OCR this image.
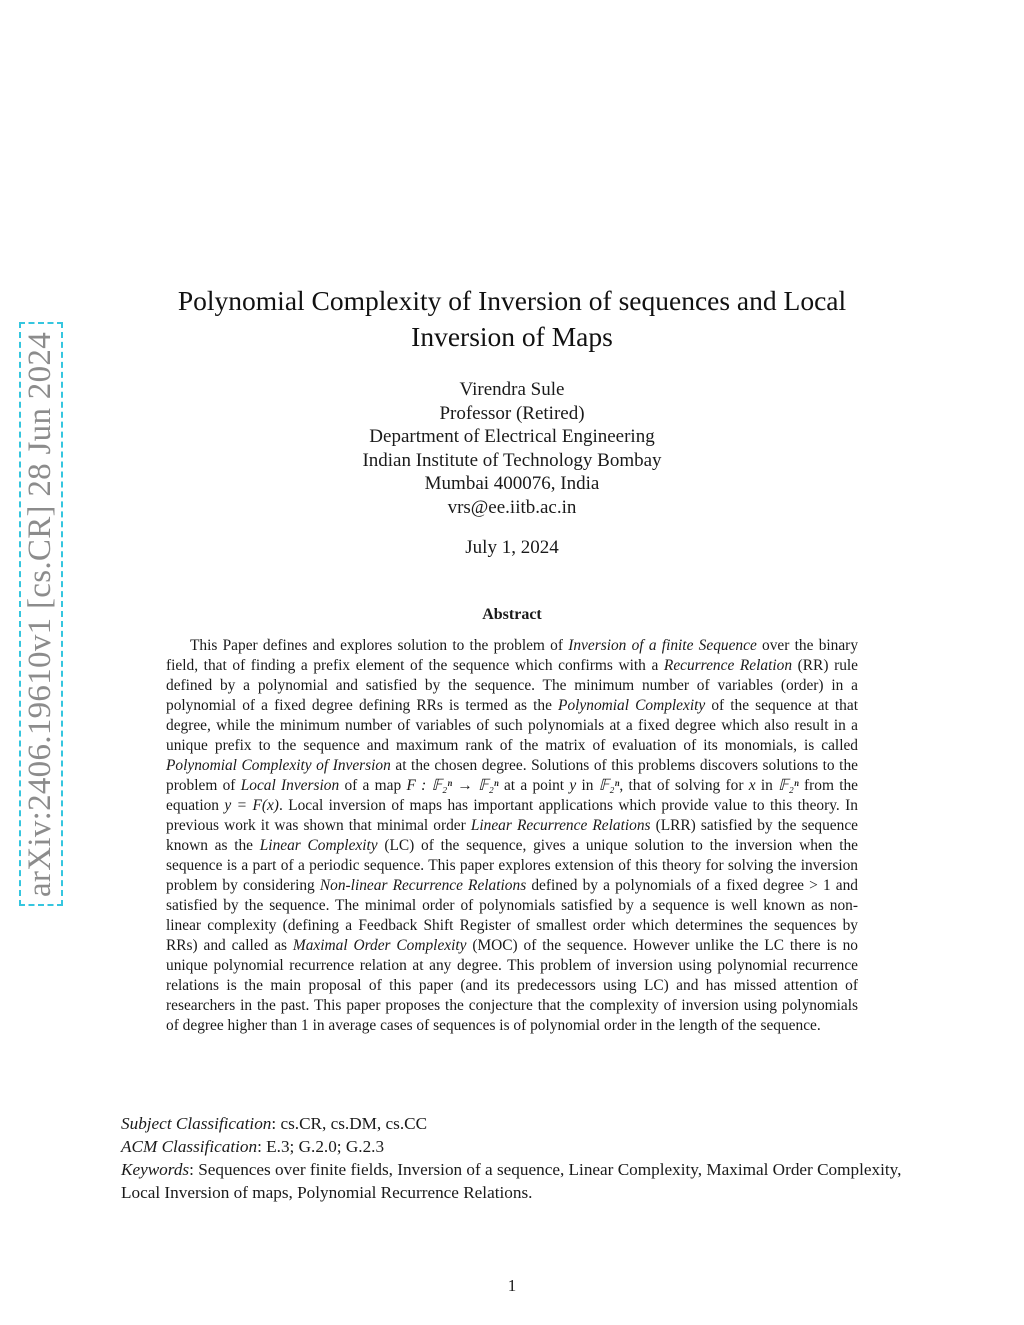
arXiv:2406.19610v1 [cs.CR] 28 Jun 2024
Polynomial Complexity of Inversion of sequences and Local
Inversion of Maps
Virendra Sule
Professor (Retired)
Department of Electrical Engineering
Indian Institute of Technology Bombay
Mumbai 400076, India
vrs@ee.iitb.ac.in
July 1, 2024
Abstract

This Paper defines and explores solution to the problem of Inversion of a finite Sequence over the binary field, that of finding a prefix element of the sequence which confirms with a Recurrence Relation (RR) rule defined by a polynomial and satisfied by the sequence. The minimum number of variables (order) in a polynomial of a fixed degree defining RRs is termed as the Polynomial Complexity of the sequence at that degree, while the minimum number of variables of such polynomials at a fixed degree which also result in a unique prefix to the sequence and maximum rank of the matrix of evaluation of its monomials, is called Polynomial Complexity of Inversion at the chosen degree. Solutions of this problems discovers solutions to the problem of Local Inversion of a map F : 𝔽₂ⁿ → 𝔽₂ⁿ at a point y in 𝔽₂ⁿ, that of solving for x in 𝔽₂ⁿ from the equation y = F(x). Local inversion of maps has important applications which provide value to this theory. In previous work it was shown that minimal order Linear Recurrence Relations (LRR) satisfied by the sequence known as the Linear Complexity (LC) of the sequence, gives a unique solution to the inversion when the sequence is a part of a periodic sequence. This paper explores extension of this theory for solving the inversion problem by considering Non-linear Recurrence Relations defined by a polynomials of a fixed degree > 1 and satisfied by the sequence. The minimal order of polynomials satisfied by a sequence is well known as non-linear complexity (defining a Feedback Shift Register of smallest order which determines the sequences by RRs) and called as Maximal Order Complexity (MOC) of the sequence. However unlike the LC there is no unique polynomial recurrence relation at any degree. This problem of inversion using polynomial recurrence relations is the main proposal of this paper (and its predecessors using LC) and has missed attention of researchers in the past. This paper proposes the conjecture that the complexity of inversion using polynomials of degree higher than 1 in average cases of sequences is of polynomial order in the length of the sequence.

Subject Classification: cs.CR, cs.DM, cs.CC

ACM Classification: E.3; G.2.0; G.2.3

Keywords: Sequences over finite fields, Inversion of a sequence, Linear Complexity, Maximal Order Complexity, Local Inversion of maps, Polynomial Recurrence Relations.

1
